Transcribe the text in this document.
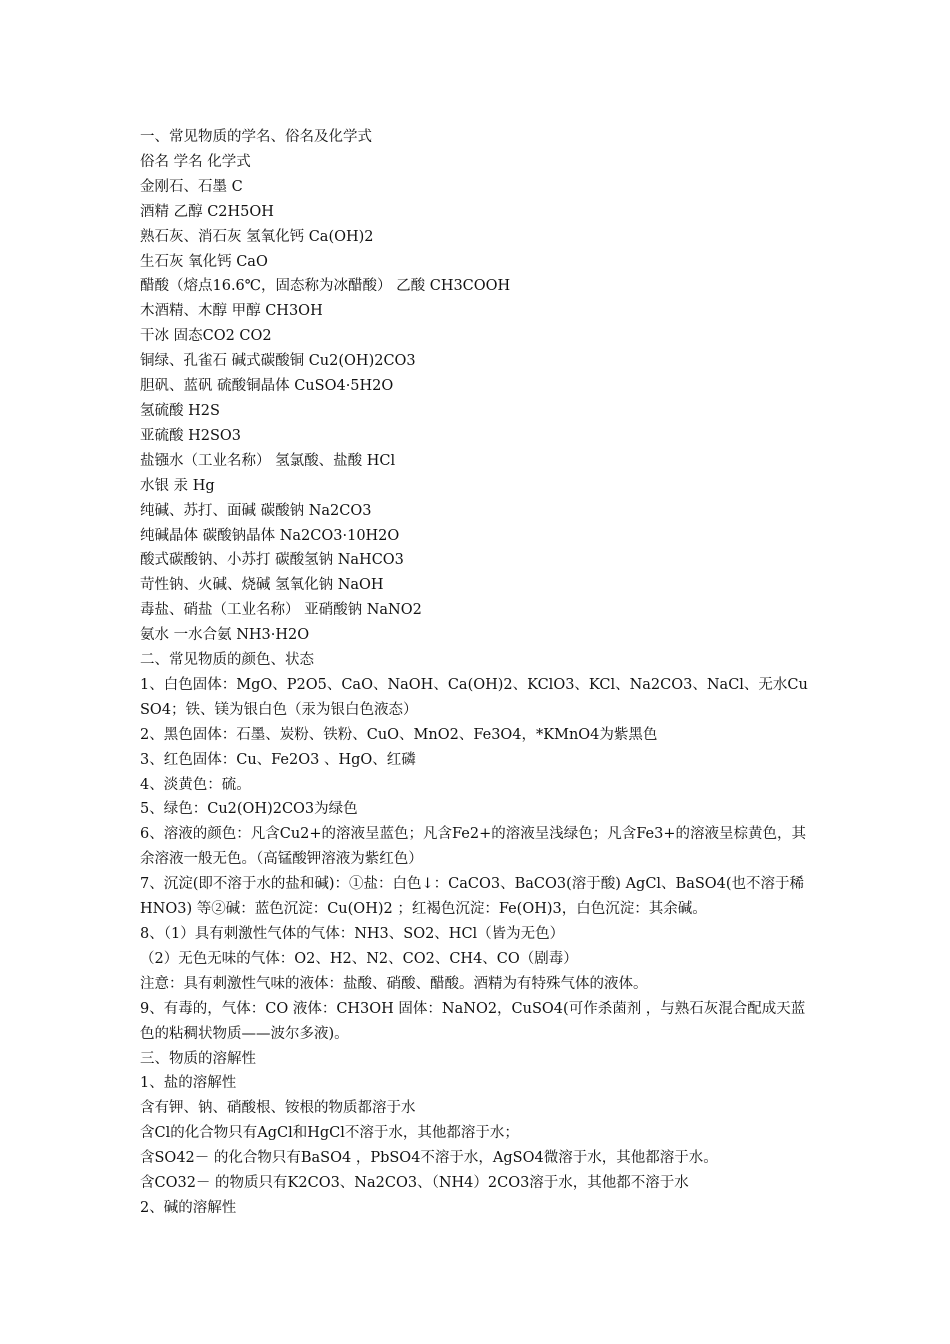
一、常见物质的学名、俗名及化学式

俗名 学名 化学式

金刚石、石墨 C

酒精 乙醇 C2H5OH

熟石灰、消石灰 氢氧化钙 Ca(OH)2

生石灰 氧化钙 CaO

醋酸（熔点16.6℃，固态称为冰醋酸） 乙酸 CH3COOH

木酒精、木醇 甲醇 CH3OH

干冰 固态CO2 CO2

铜绿、孔雀石 碱式碳酸铜 Cu2(OH)2CO3

胆矾、蓝矾 硫酸铜晶体 CuSO4·5H2O

氢硫酸 H2S

亚硫酸 H2SO3

盐镪水（工业名称） 氢氯酸、盐酸 HCl

水银 汞 Hg

纯碱、苏打、面碱 碳酸钠 Na2CO3

纯碱晶体 碳酸钠晶体 Na2CO3·10H2O

酸式碳酸钠、小苏打 碳酸氢钠 NaHCO3

苛性钠、火碱、烧碱 氢氧化钠 NaOH

毒盐、硝盐（工业名称） 亚硝酸钠 NaNO2

氨水 一水合氨 NH3·H2O

二、常见物质的颜色、状态

1、白色固体：MgO、P2O5、CaO、NaOH、Ca(OH)2、KClO3、KCl、Na2CO3、NaCl、无水CuSO4；铁、镁为银白色（汞为银白色液态）

2、黑色固体：石墨、炭粉、铁粉、CuO、MnO2、Fe3O4，*KMnO4为紫黑色

3、红色固体：Cu、Fe2O3 、HgO、红磷

4、淡黄色：硫。

5、绿色：Cu2(OH)2CO3为绿色

6、溶液的颜色：凡含Cu2+的溶液呈蓝色；凡含Fe2+的溶液呈浅绿色；凡含Fe3+的溶液呈棕黄色，其余溶液一般无色。（高锰酸钾溶液为紫红色）

7、沉淀(即不溶于水的盐和碱)：①盐：白色↓：CaCO3、BaCO3(溶于酸) AgCl、BaSO4(也不溶于稀HNO3) 等②碱：蓝色沉淀：Cu(OH)2 ；红褐色沉淀：Fe(OH)3，白色沉淀：其余碱。

8、（1）具有刺激性气体的气体：NH3、SO2、HCl（皆为无色）

（2）无色无味的气体：O2、H2、N2、CO2、CH4、CO（剧毒）

注意：具有刺激性气味的液体：盐酸、硝酸、醋酸。酒精为有特殊气体的液体。

9、有毒的，气体：CO 液体：CH3OH 固体：NaNO2，CuSO4(可作杀菌剂 ，与熟石灰混合配成天蓝色的粘稠状物质——波尔多液)。

三、物质的溶解性

1、盐的溶解性

含有钾、钠、硝酸根、铵根的物质都溶于水

含Cl的化合物只有AgCl和HgCl不溶于水，其他都溶于水；

含SO42－ 的化合物只有BaSO4 ，PbSO4不溶于水，AgSO4微溶于水，其他都溶于水。

含CO32－ 的物质只有K2CO3、Na2CO3、（NH4）2CO3溶于水，其他都不溶于水

2、碱的溶解性
